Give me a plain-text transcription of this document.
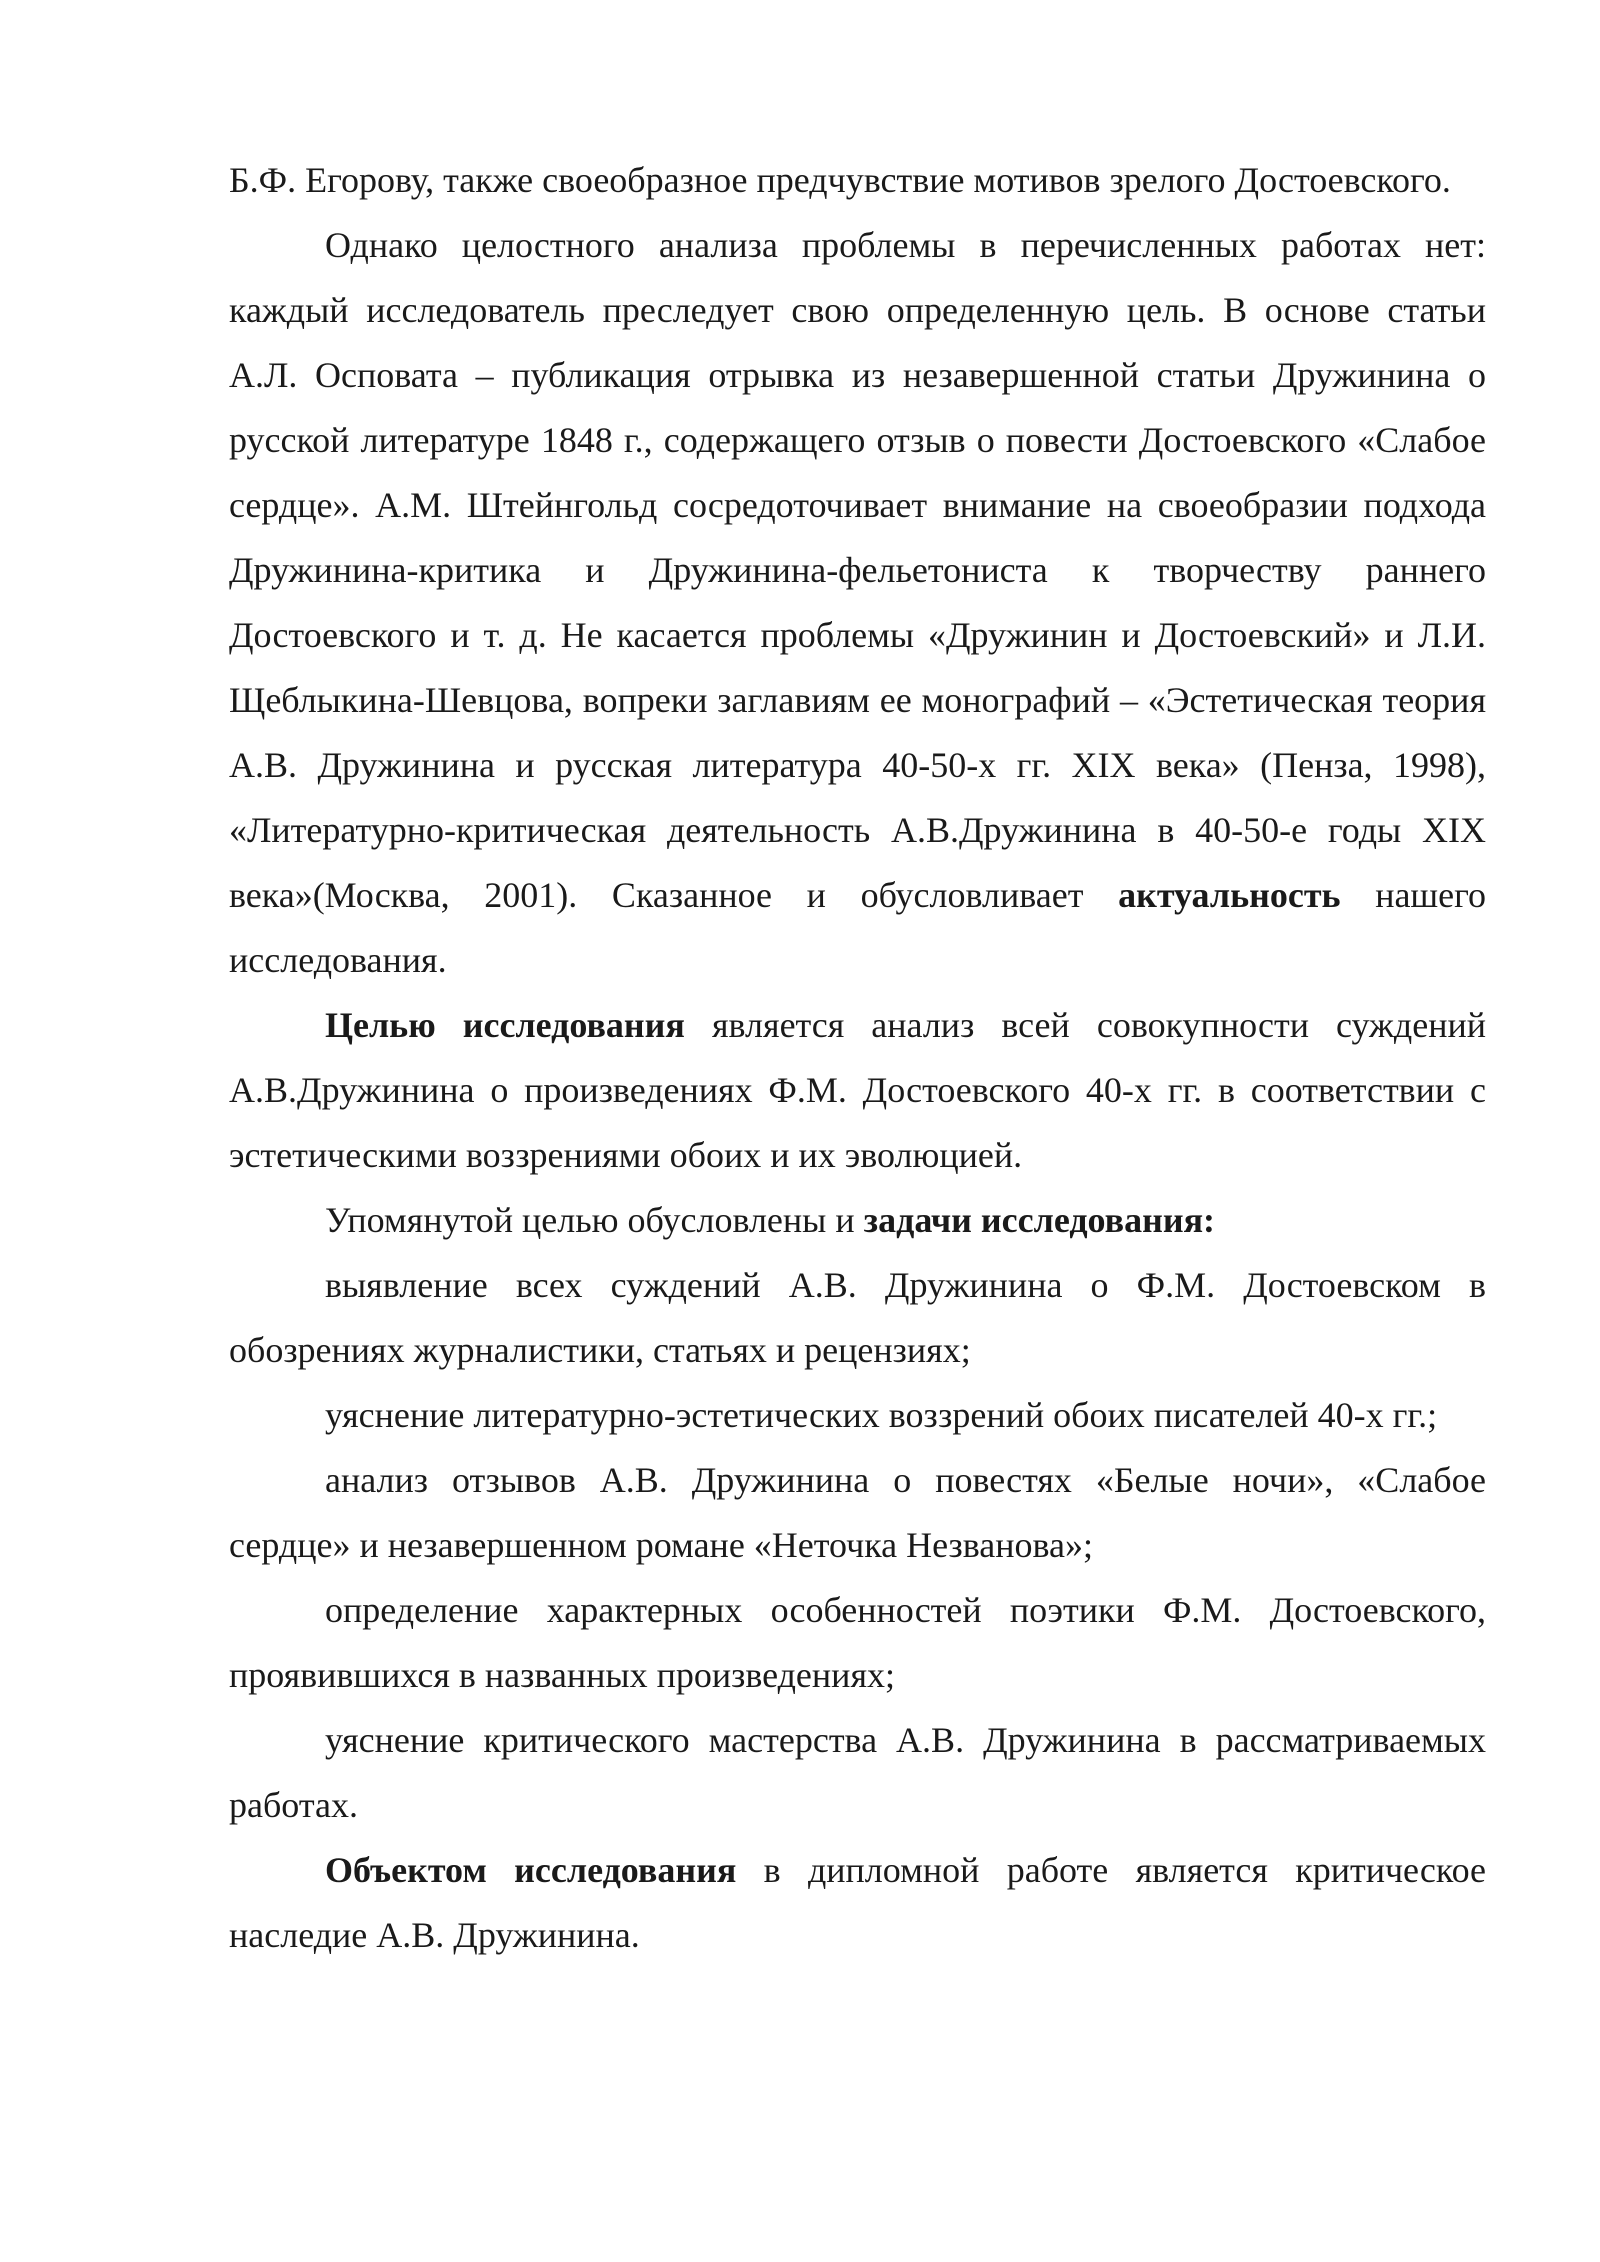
Б.Ф. Егорову, также своеобразное предчувствие мотивов зрелого Достоевского.

Однако целостного анализа проблемы в перечисленных работах нет: каждый исследователь преследует свою определенную цель. В основе статьи А.Л. Осповата – публикация отрывка из незавершенной статьи Дружинина о русской литературе 1848 г., содержащего отзыв о повести Достоевского «Слабое сердце». А.М. Штейнгольд сосредоточивает внимание на своеобразии подхода Дружинина-критика и Дружинина-фельетониста к творчеству раннего Достоевского и т. д. Не касается проблемы «Дружинин и Достоевский» и Л.И. Щеблыкина-Шевцова, вопреки заглавиям ее монографий – «Эстетическая теория А.В. Дружинина и русская литература 40-50-х гг. XIX века» (Пенза, 1998), «Литературно-критическая деятельность А.В.Дружинина в 40-50-е годы XIX века»(Москва, 2001). Сказанное и обусловливает актуальность нашего исследования.

Целью исследования является анализ всей совокупности суждений А.В.Дружинина о произведениях Ф.М. Достоевского 40-х гг. в соответствии с эстетическими воззрениями обоих и их эволюцией.

Упомянутой целью обусловлены и задачи исследования:

выявление всех суждений А.В. Дружинина о Ф.М. Достоевском в обозрениях журналистики, статьях и рецензиях;

уяснение литературно-эстетических воззрений обоих писателей 40-х гг.;

анализ отзывов А.В. Дружинина о повестях «Белые ночи», «Слабое сердце» и незавершенном романе «Неточка Незванова»;

определение характерных особенностей поэтики Ф.М. Достоевского, проявившихся в названных произведениях;

уяснение критического мастерства А.В. Дружинина в рассматриваемых работах.

Объектом исследования в дипломной работе является критическое наследие А.В. Дружинина.
